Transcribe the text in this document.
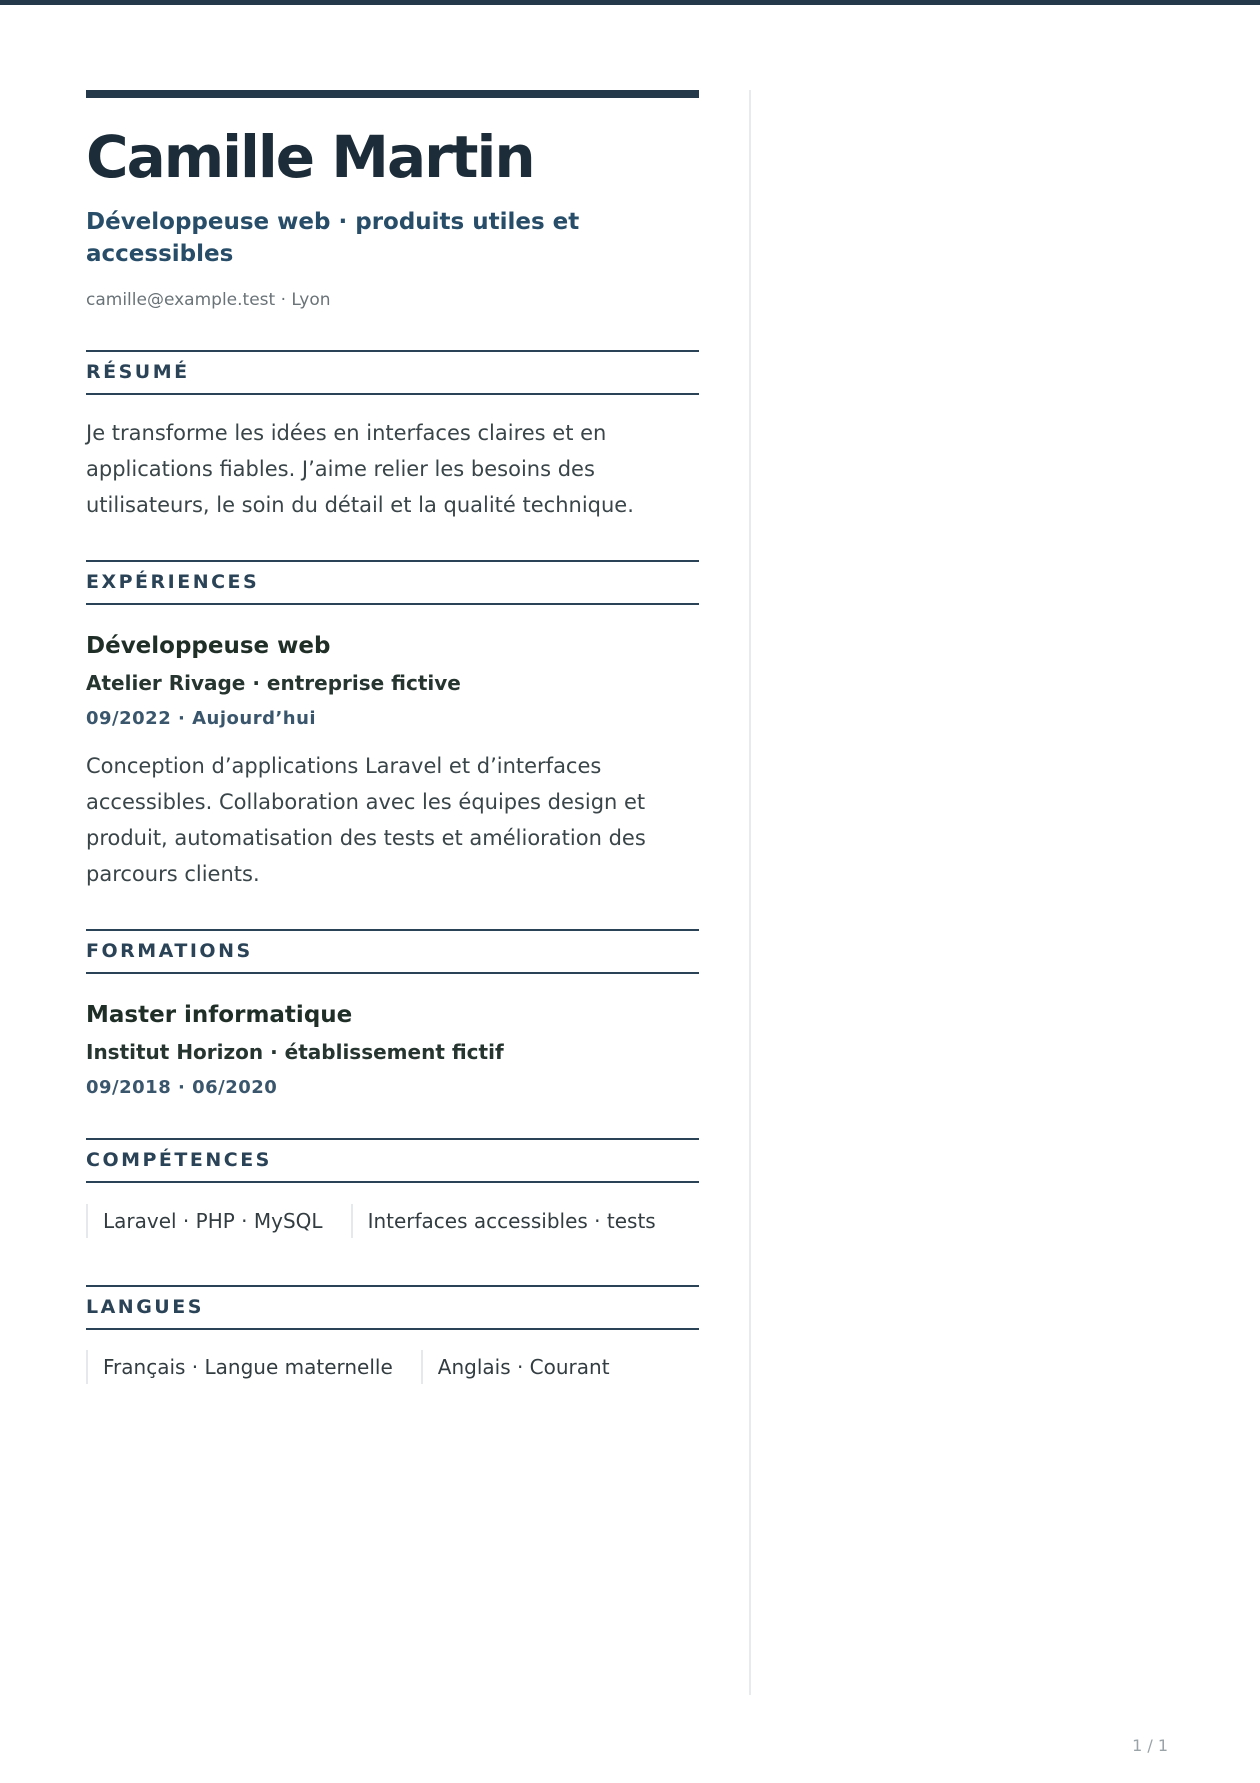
Camille Martin
Développeuse web · produits utiles et accessibles
camille@example.test · Lyon
RÉSUMÉ
Je transforme les idées en interfaces claires et en applications fiables. J’aime relier les besoins des utilisateurs, le soin du détail et la qualité technique.
EXPÉRIENCES
Développeuse web
Atelier Rivage · entreprise fictive
09/2022 · Aujourd’hui
Conception d’applications Laravel et d’interfaces accessibles. Collaboration avec les équipes design et produit, automatisation des tests et amélioration des parcours clients.
FORMATIONS
Master informatique
Institut Horizon · établissement fictif
09/2018 · 06/2020
COMPÉTENCES
Laravel · PHP · MySQL	Interfaces accessibles · tests
LANGUES
Français · Langue maternelle	Anglais · Courant
1 / 1
